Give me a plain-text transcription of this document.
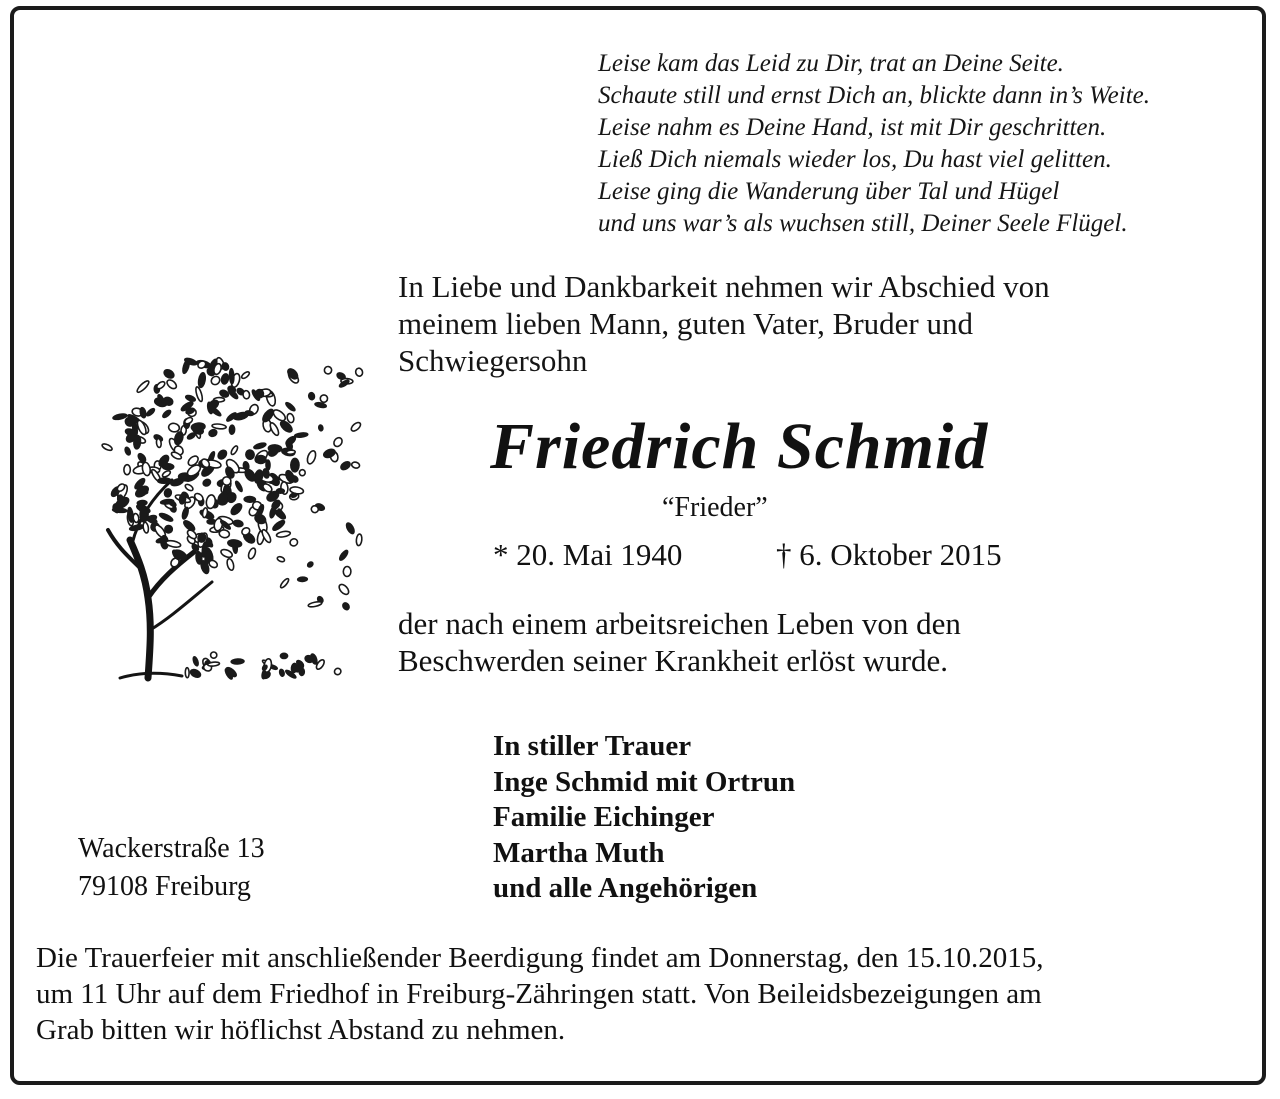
Leise kam das Leid zu Dir, trat an Deine Seite.
Schaute still und ernst Dich an, blickte dann in’s Weite.
Leise nahm es Deine Hand, ist mit Dir geschritten.
Ließ Dich niemals wieder los, Du hast viel gelitten.
Leise ging die Wanderung über Tal und Hügel
und uns war’s als wuchsen still, Deiner Seele Flügel.
In Liebe und Dankbarkeit nehmen wir Abschied von
meinem lieben Mann, guten Vater, Bruder und
Schwiegersohn
Friedrich Schmid
“Frieder”
* 20. Mai 1940	† 6. Oktober 2015
der nach einem arbeitsreichen Leben von den
Beschwerden seiner Krankheit erlöst wurde.
In stiller Trauer
Inge Schmid mit Ortrun
Familie Eichinger
Martha Muth
und alle Angehörigen
Wackerstraße 13
79108 Freiburg
Die Trauerfeier mit anschließender Beerdigung findet am Donnerstag, den 15.10.2015,
um 11 Uhr auf dem Friedhof in Freiburg-Zähringen statt. Von Beileidsbezeigungen am
Grab bitten wir höflichst Abstand zu nehmen.
